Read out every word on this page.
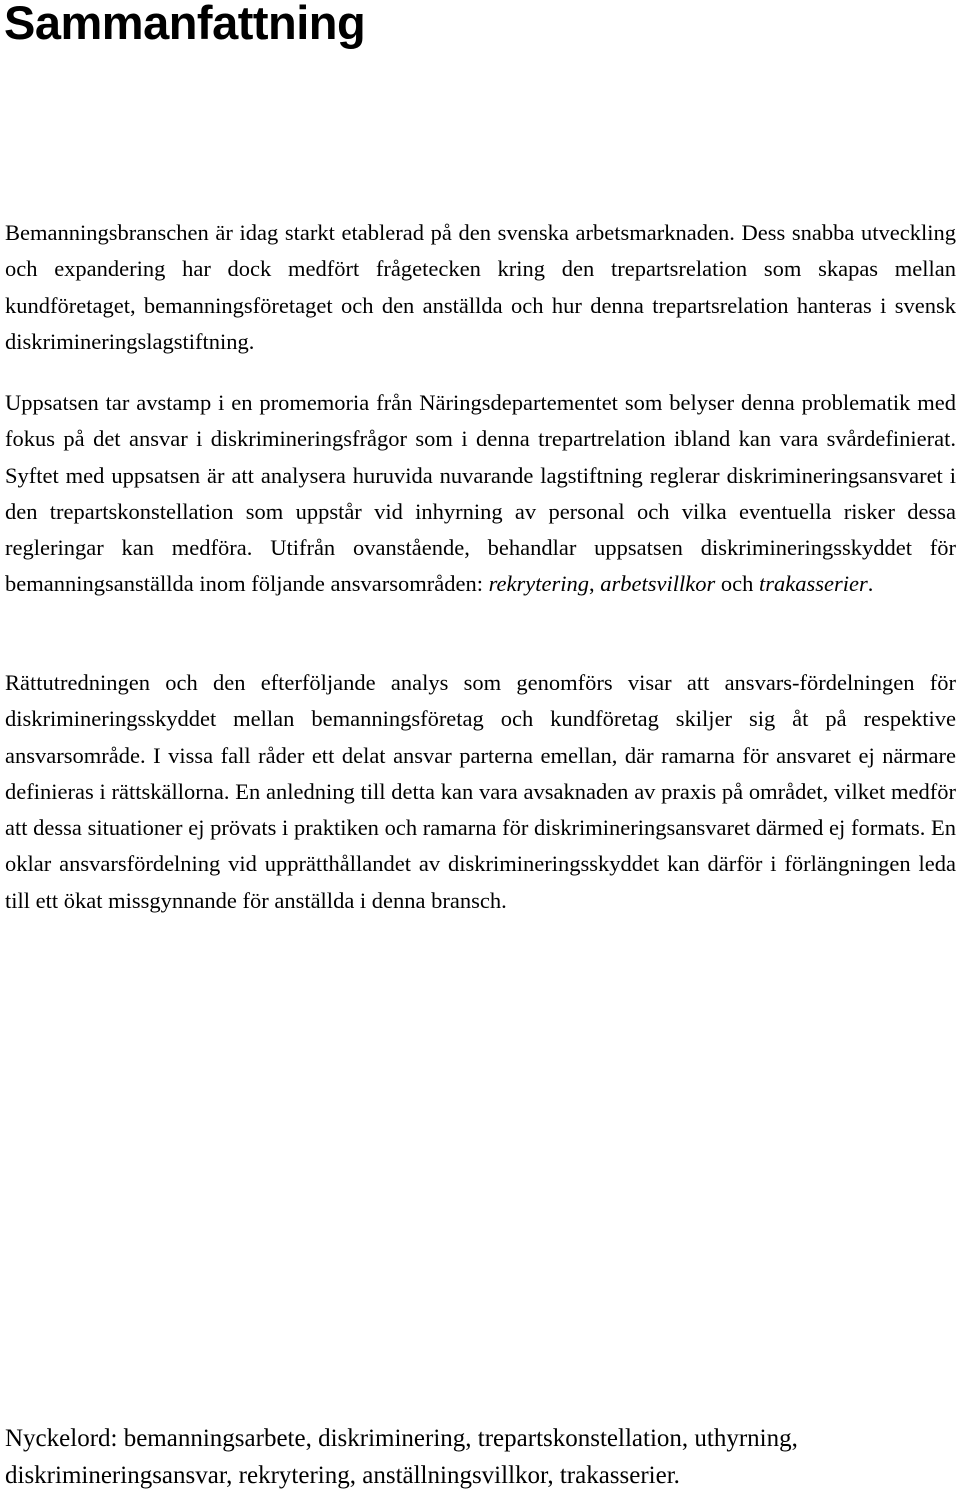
Sammanfattning

Bemanningsbranschen är idag starkt etablerad på den svenska arbetsmarknaden. Dess snabba utveckling och expandering har dock medfört frågetecken kring den trepartsrelation som skapas mellan kundföretaget, bemanningsföretaget och den anställda och hur denna trepartsrelation hanteras i svensk diskrimineringslagstiftning.

Uppsatsen tar avstamp i en promemoria från Näringsdepartementet som belyser denna problematik med fokus på det ansvar i diskrimineringsfrågor som i denna trepartrelation ibland kan vara svårdefinierat. Syftet med uppsatsen är att analysera huruvida nuvarande lagstiftning reglerar diskrimineringsansvaret i den trepartskonstellation som uppstår vid inhyrning av personal och vilka eventuella risker dessa regleringar kan medföra. Utifrån ovanstående, behandlar uppsatsen diskrimineringsskyddet för bemanningsanställda inom följande ansvarsområden: rekrytering, arbetsvillkor och trakasserier.

Rättutredningen och den efterföljande analys som genomförs visar att ansvars-fördelningen för diskrimineringsskyddet mellan bemanningsföretag och kundföretag skiljer sig åt på respektive ansvarsområde. I vissa fall råder ett delat ansvar parterna emellan, där ramarna för ansvaret ej närmare definieras i rättskällorna. En anledning till detta kan vara avsaknaden av praxis på området, vilket medför att dessa situationer ej prövats i praktiken och ramarna för diskrimineringsansvaret därmed ej formats. En oklar ansvarsfördelning vid upprätthållandet av diskrimineringsskyddet kan därför i förlängningen leda till ett ökat missgynnande för anställda i denna bransch.

Nyckelord: bemanningsarbete, diskriminering, trepartskonstellation, uthyrning,
diskrimineringsansvar, rekrytering, anställningsvillkor, trakasserier.
